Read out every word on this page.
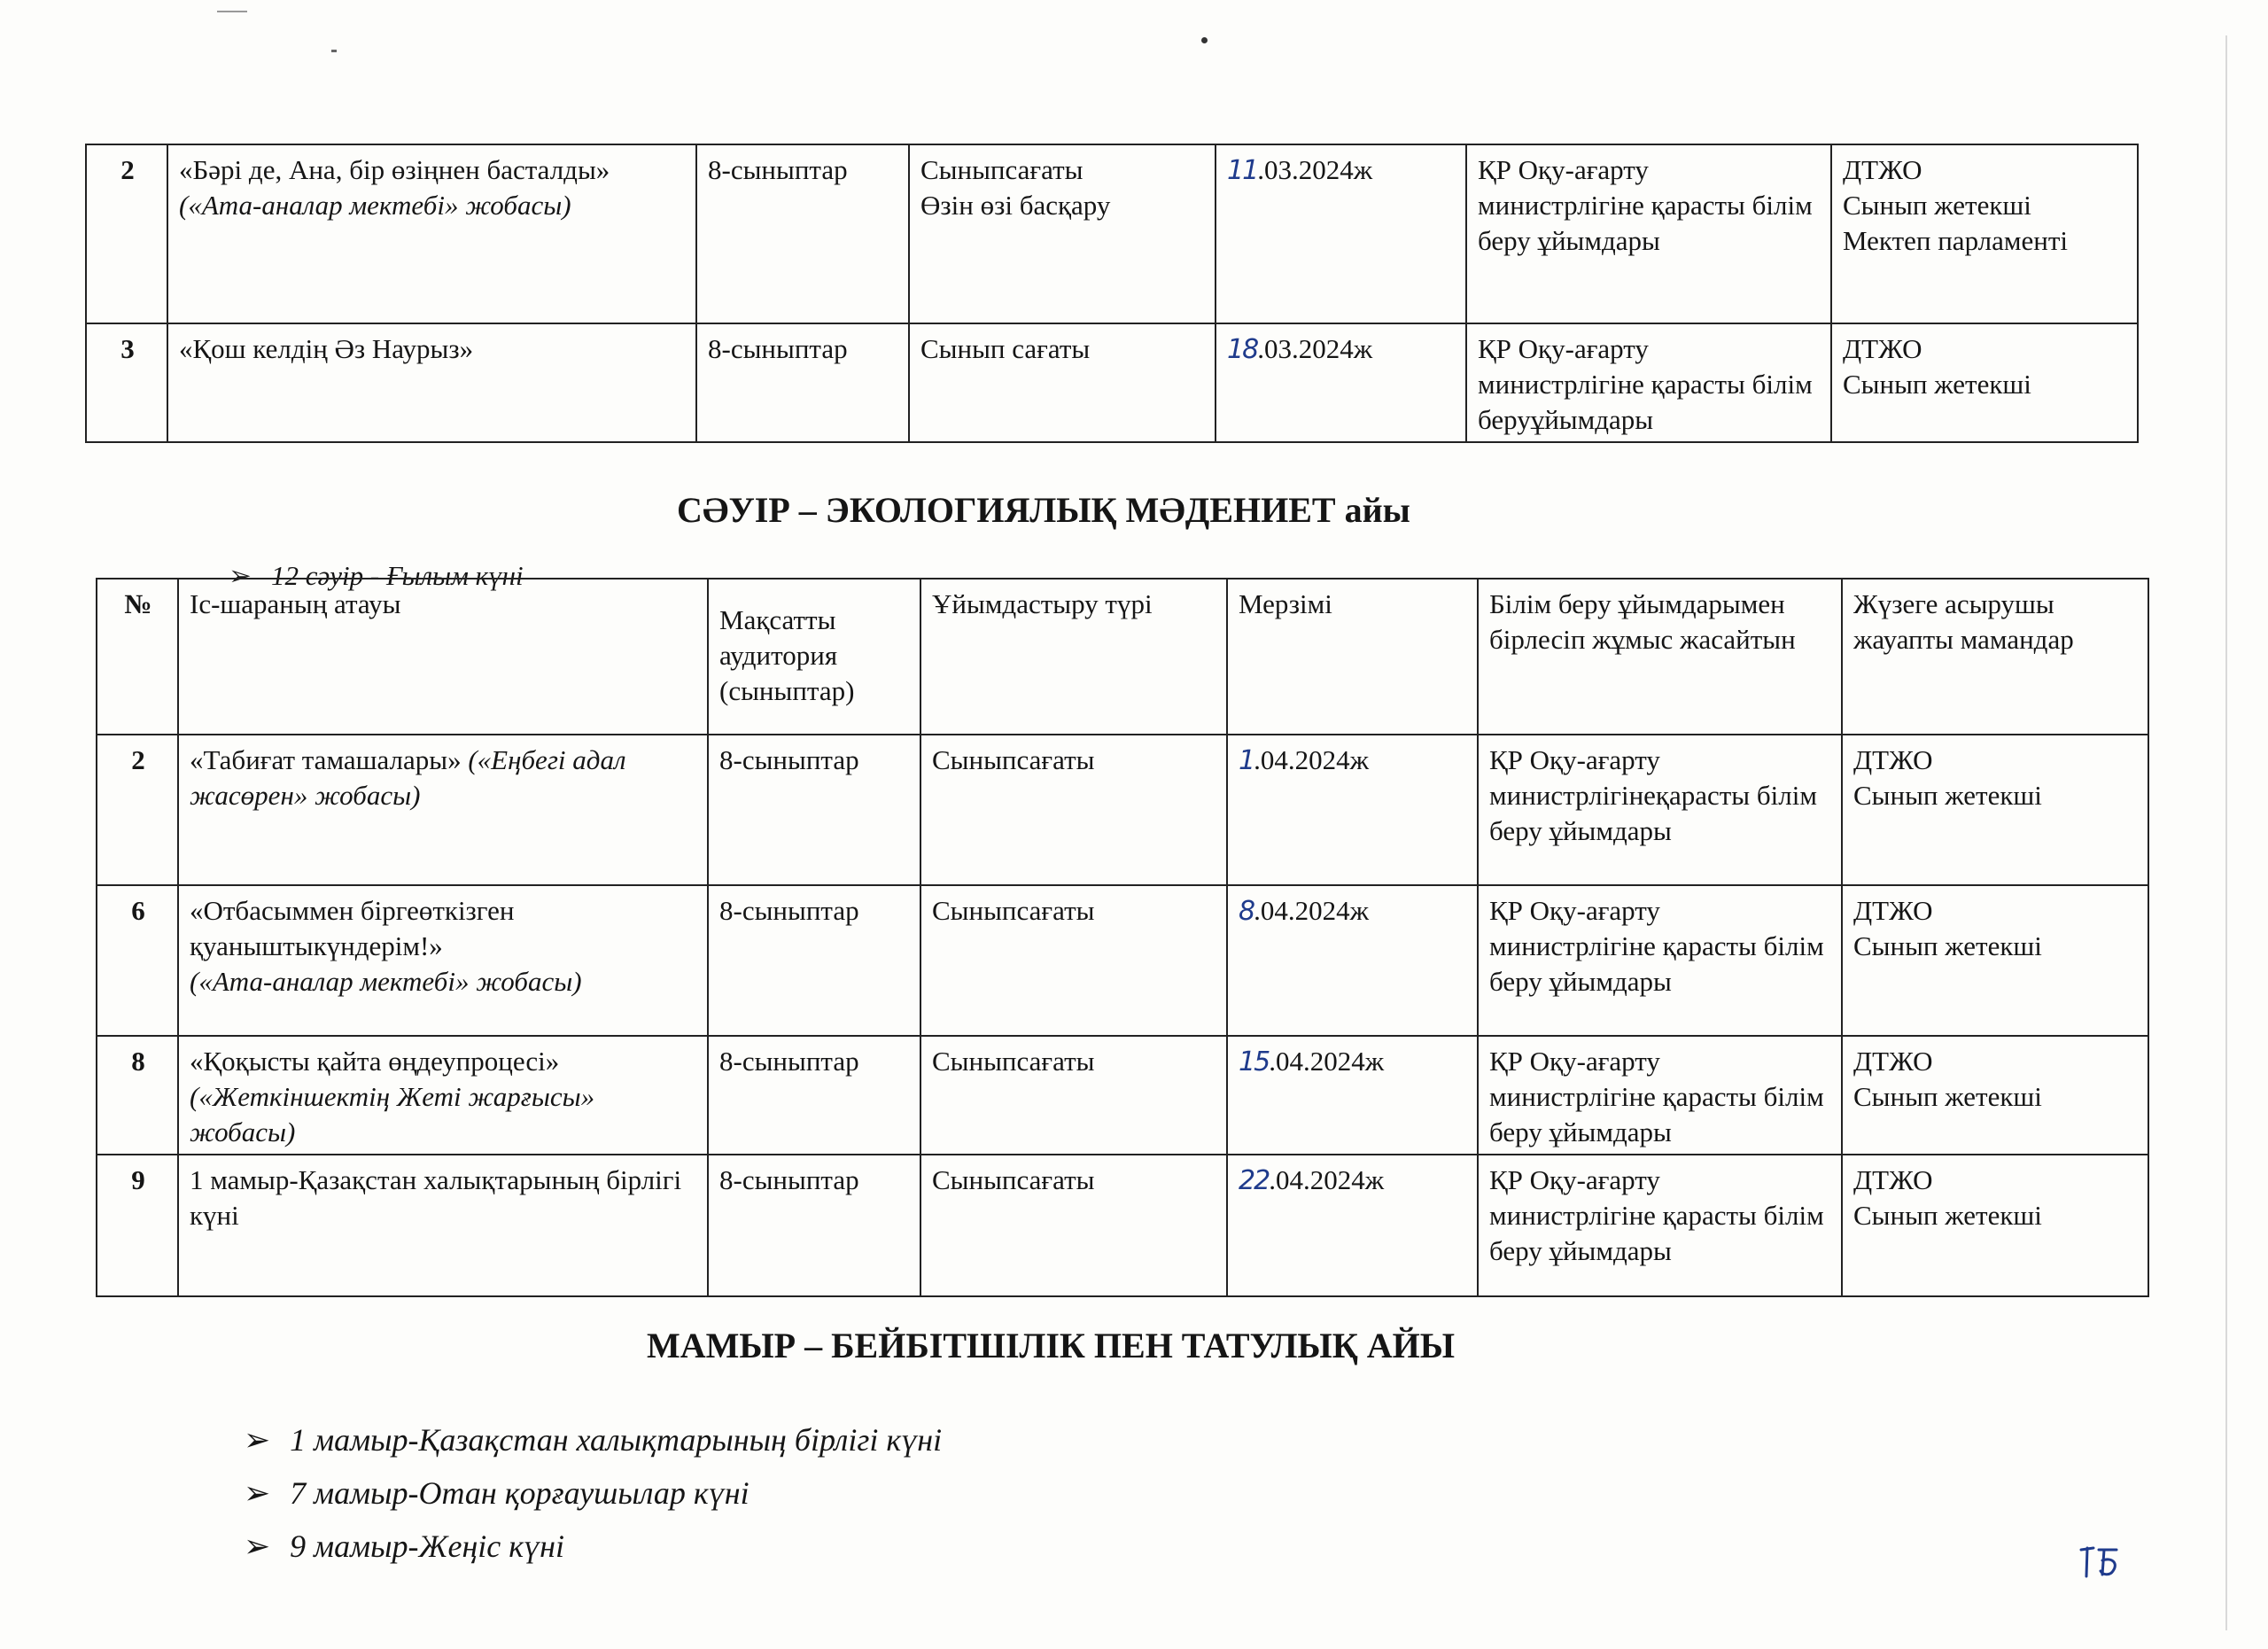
2	«Бәрі де, Ана, бір өзіңнен басталды»
(«Ата-аналар мектебі» жобасы)	8-сыныптар	Сыныпсағаты
Өзін өзі басқару	11.03.2024ж	ҚР Оқу-ағарту министрлігіне қарасты білім беру ұйымдары	ДТЖО
Сынып жетекші
Мектеп парламенті

3	«Қош келдің Әз Наурыз»	8-сыныптар	Сынып сағаты	18.03.2024ж	ҚР Оқу-ағарту министрлігіне қарасты білім беруұйымдары	ДТЖО
Сынып жетекші
СӘУІР – ЭКОЛОГИЯЛЫҚ МӘДЕНИЕТ айы
➢ 12 сәуір - Ғылым күні
№	Іс-шараның атауы	Мақсатты аудитория (сыныптар)	Ұйымдастыру түрі	Мерзімі	Білім беру ұйымдарымен бірлесіп жұмыс жасайтын	Жүзеге асырушы жауапты мамандар
2	«Табиғат тамашалары» («Еңбегі адал жасөрен» жобасы)	8-сыныптар	Сыныпсағаты	1.04.2024ж	ҚР Оқу-ағарту министрлігінеқарасты білім беру ұйымдары	ДТЖО
Сынып жетекші

6	«Отбасыммен біргеөткізген қуаныштыкүндерім!»
(«Ата-аналар мектебі» жобасы)	8-сыныптар	Сыныпсағаты	8.04.2024ж	ҚР Оқу-ағарту министрлігіне қарасты білім беру ұйымдары	ДТЖО
Сынып жетекші

8	«Қоқысты қайта өңдеупроцесі»
(«Жеткіншектің Жеті жарғысы» жобасы)	8-сыныптар	Сыныпсағаты	15.04.2024ж	ҚР Оқу-ағарту министрлігіне қарасты білім беру ұйымдары	ДТЖО
Сынып жетекші

9	1 мамыр-Қазақстан халықтарының бірлігі күні	8-сыныптар	Сыныпсағаты	22.04.2024ж	ҚР Оқу-ағарту министрлігіне қарасты білім беру ұйымдары	ДТЖО
Сынып жетекші
МАМЫР – БЕЙБІТШІЛІК ПЕН ТАТУЛЫҚ АЙЫ
➢ 1 мамыр-Қазақстан халықтарының бірлігі күні
➢ 7 мамыр-Отан қорғаушылар күні
➢ 9 мамыр-Жеңіс күні
